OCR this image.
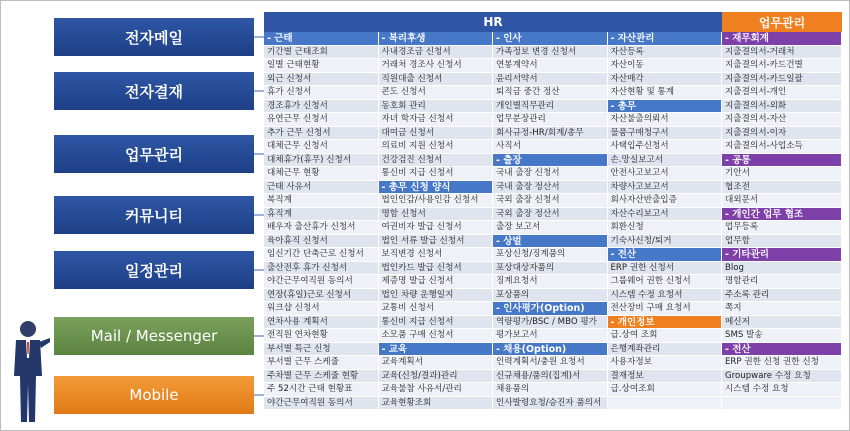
전자메일
전자결재
업무관리
커뮤니티
일정관리
Mail / Messenger
Mobile
HR	업무관리
- 근태	- 복리후생	- 인사	- 자산관리	- 재무회계
기간별 근태조회	사내경조금 신청서	가족정보 변경 신청서	자산등록	지출결의서-거래처
일별 근태현황	거래처 경조사 신청서	연봉계약서	자산이동	지출결의서-카드건별
외근 신청서	직원대출 신청서	윤리서약서	자산매각	지출결의서-카드일괄
휴가 신청서	콘도 신청서	퇴직금 중간 정산	자산현황 및 통계	지출결의서-개인
경조휴가 신청서	동호회 관리	개인별직무관리	- 총무	지출결의서-외화
유연근무 신청서	자녀 학자금 신청서	업무분장관리	자산불출의뢰서	지출결의서-자산
추가 근무 신청서	대여금 신청서	회사규정-HR/회계/총무	물품구매청구서	지출결의서-이자
대체근무 신청서	의료비 지원 신청서	사직서	사택입주신청서	지출결의서-사업소득
대체휴가(휴무) 신청서	건강검진 신청서	- 출장	손.망실보고서	- 공통
대체근무 현황	통신비 지급 신청서	국내 출장 신청서	안전사고보고서	기안서
근태 사유서	- 총무 신청 양식	국내 출장 정산서	차량사고보고서	협조전
복직계	법인인감/사용인감 신청서	국외 출장 신청서	회사자산반출입증	대외문서
휴직계	명함 신청서	국외 출장 정산서	자산수리보고서	- 개인간 업무 협조
배우자 출산휴가 신청서	여권비자 발급 신청서	출장 보고서	회환신청	업무등록
육아휴직 신청서	법인 서류 발급 신청서	- 상벌	기숙사신청/퇴거	업무함
임신기간 단축근로 신청서	보직변경 신청서	포상신청/징계품의	- 전산	- 기타관리
출산전후 휴가 신청서	법인카드 발급 신청서	포상대상자품의	ERP 권한 신청서	Blog
야간근무여직원 동의서	제증명 발급 신청서	징계요청서	그룹웨어 권한 신청서	명함관리
연장(휴일)근로 신청서	법인 차량 운행일지	포상품의	시스템 수정 요청서	주소록 관리
워크샵 신청서	교통비 신청서	- 인사평가(Option)	전산장비 구매 요청서	쪽지
연차사용 계획서	통신비 지급 신청서	역량평가/BSC / MBO 평가	- 개인정보	메신저
전직원 연차현황	소모품 구매 신청서	평가보고서	급.상여 조회	SMS 발송
부서별 특근 신청	- 교육	- 채용(Option)	은행계좌관리	- 전산
부서별 근무 스케줄	교육계획서	인력계획서/충원 요청서	사용자정보	ERP 권한 신청 권한 신청
주차별 근무 스케줄 현황	교육(신청/결과)관리	신규채용/품의(집계)서	결재정보	Groupware 수정 요청
주 52시간 근태 현황표	교육불참 사유서/관리	채용품의	급.상여조회	시스템 수정 요청
야간근무여직원 동의서	교육현황조회	인사발령요청/승진자 품의서
